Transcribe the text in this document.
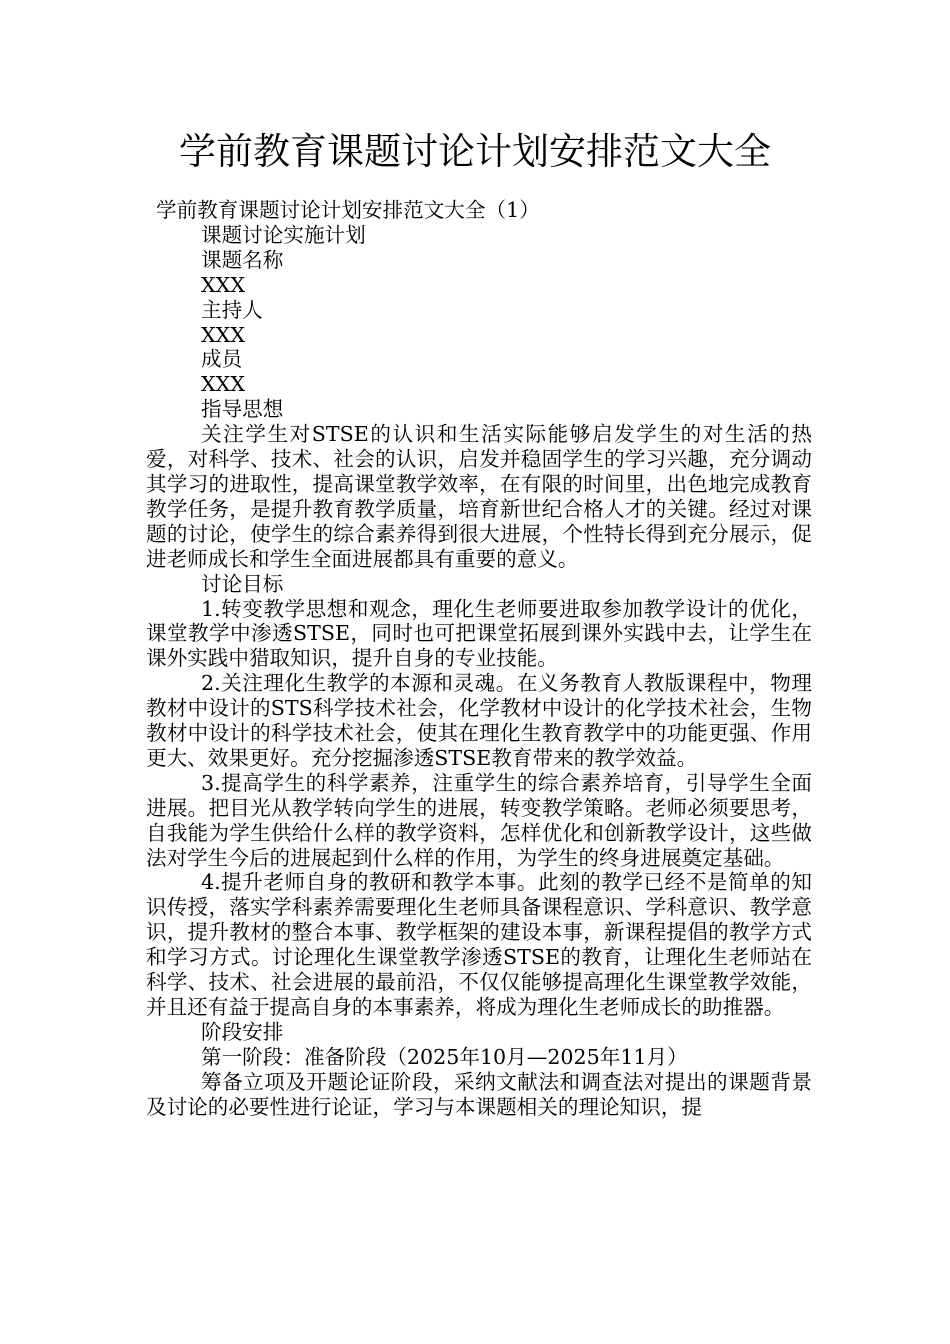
学前教育课题讨论计划安排范文大全

学前教育课题讨论计划安排范文大全（1）

课题讨论实施计划

课题名称

XXX

主持人

XXX

成员

XXX

指导思想

关注学生对STSE的认识和生活实际能够启发学生的对生活的热爱，对科学、技术、社会的认识，启发并稳固学生的学习兴趣，充分调动其学习的进取性，提高课堂教学效率，在有限的时间里，出色地完成教育教学任务，是提升教育教学质量，培育新世纪合格人才的关键。经过对课题的讨论，使学生的综合素养得到很大进展，个性特长得到充分展示，促进老师成长和学生全面进展都具有重要的意义。

讨论目标

1.转变教学思想和观念，理化生老师要进取参加教学设计的优化，课堂教学中渗透STSE，同时也可把课堂拓展到课外实践中去，让学生在课外实践中猎取知识，提升自身的专业技能。

2.关注理化生教学的本源和灵魂。在义务教育人教版课程中，物理教材中设计的STS科学技术社会，化学教材中设计的化学技术社会，生物教材中设计的科学技术社会，使其在理化生教育教学中的功能更强、作用更大、效果更好。充分挖掘渗透STSE教育带来的教学效益。

3.提高学生的科学素养，注重学生的综合素养培育，引导学生全面进展。把目光从教学转向学生的进展，转变教学策略。老师必须要思考，自我能为学生供给什么样的教学资料，怎样优化和创新教学设计，这些做法对学生今后的进展起到什么样的作用，为学生的终身进展奠定基础。

4.提升老师自身的教研和教学本事。此刻的教学已经不是简单的知识传授，落实学科素养需要理化生老师具备课程意识、学科意识、教学意识，提升教材的整合本事、教学框架的建设本事，新课程提倡的教学方式和学习方式。讨论理化生课堂教学渗透STSE的教育，让理化生老师站在科学、技术、社会进展的最前沿，不仅仅能够提高理化生课堂教学效能，并且还有益于提高自身的本事素养，将成为理化生老师成长的助推器。

阶段安排

第一阶段：准备阶段（2025年10月—2025年11月）

筹备立项及开题论证阶段，采纳文献法和调查法对提出的课题背景及讨论的必要性进行论证，学习与本课题相关的理论知识，提
